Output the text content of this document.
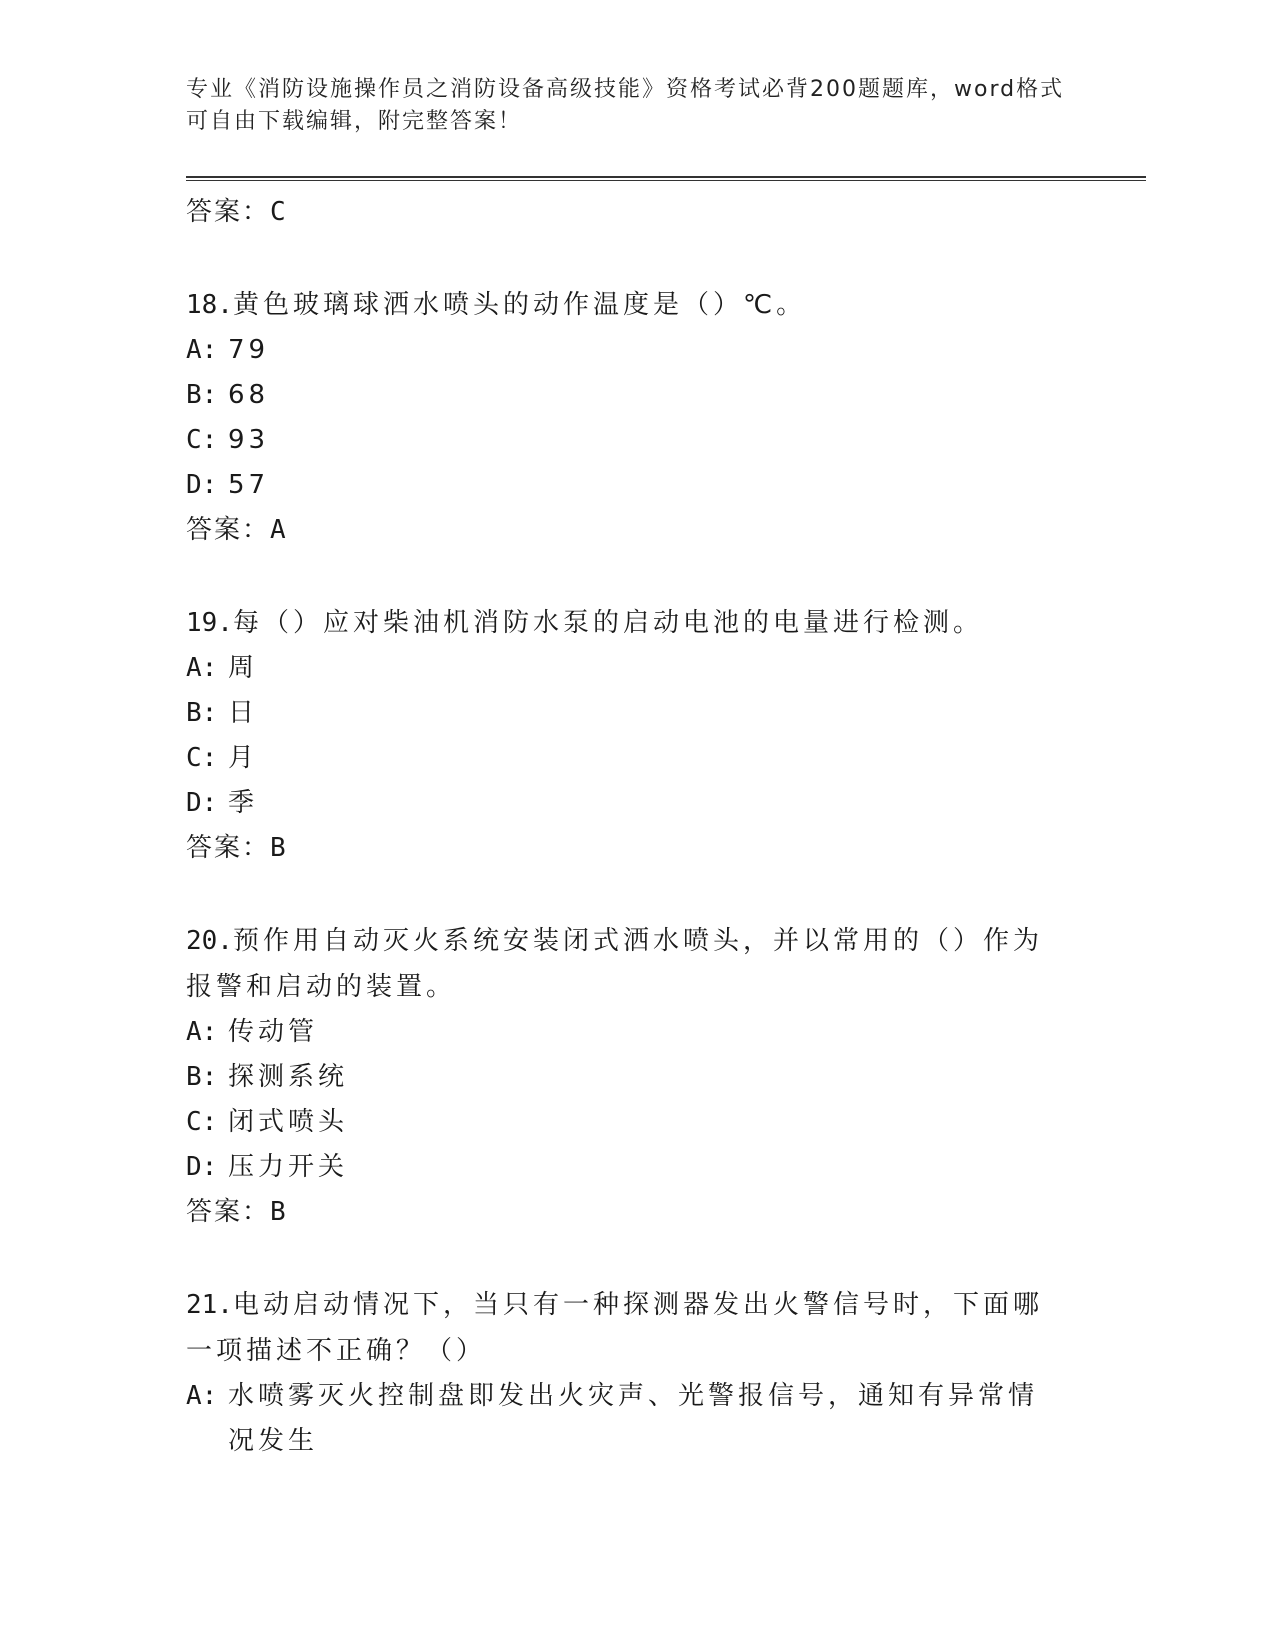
专业《消防设施操作员之消防设备高级技能》资格考试必背200题题库，word格式可自由下载编辑，附完整答案！
答案：C
18.黄色玻璃球洒水喷头的动作温度是（）℃。
A: 79
B: 68
C: 93
D: 57
答案：A
19.每（）应对柴油机消防水泵的启动电池的电量进行检测。
A: 周
B: 日
C: 月
D: 季
答案：B
20.预作用自动灭火系统安装闭式洒水喷头，并以常用的（）作为报警和启动的装置。
A: 传动管
B: 探测系统
C: 闭式喷头
D: 压力开关
答案：B
21.电动启动情况下，当只有一种探测器发出火警信号时，下面哪一项描述不正确？（）
A: 水喷雾灭火控制盘即发出火灾声、光警报信号，通知有异常情况发生
